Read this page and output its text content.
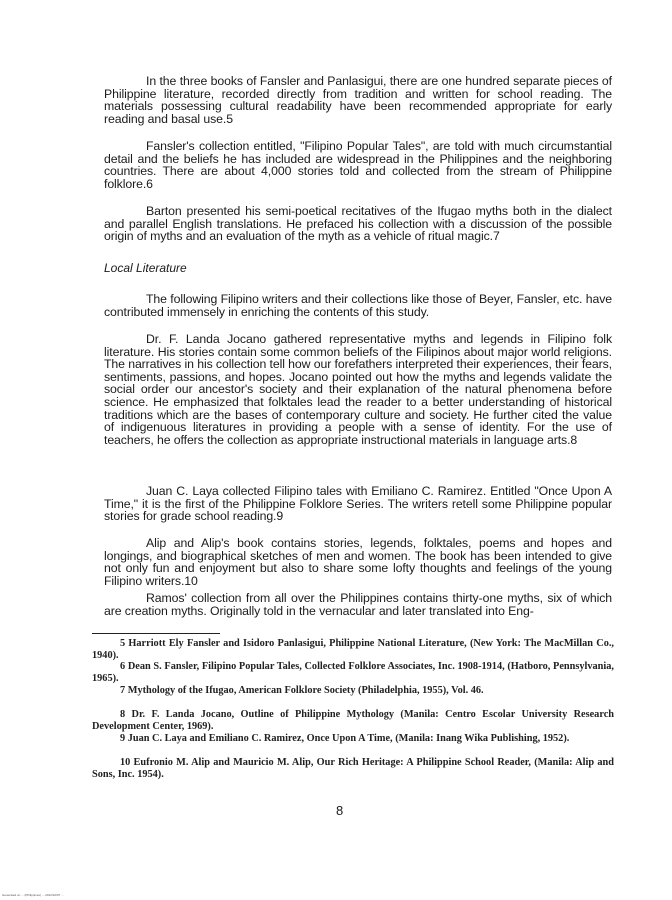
In the three books of Fansler and Panlasigui, there are one hundred separate pieces of Philippine literature, recorded directly from tradition and written for school reading. The materials possessing cultural readability have been recommended appropriate for early reading and basal use.5

Fansler's collection entitled, "Filipino Popular Tales", are told with much circumstantial detail and the beliefs he has included are widespread in the Philippines and the neighboring countries. There are about 4,000 stories told and collected from the stream of Philippine folklore.6

Barton presented his semi-poetical recitatives of the Ifugao myths both in the dialect and parallel English translations. He prefaced his collection with a discussion of the possible origin of myths and an evaluation of the myth as a vehicle of ritual magic.7

Local Literature

The following Filipino writers and their collections like those of Beyer, Fansler, etc. have contributed immensely in enriching the contents of this study.

Dr. F. Landa Jocano gathered representative myths and legends in Filipino folk literature. His stories contain some common beliefs of the Filipinos about major world religions. The narratives in his collection tell how our forefathers interpreted their experiences, their fears, sentiments, passions, and hopes. Jocano pointed out how the myths and legends validate the social order our ancestor's society and their explanation of the natural phenomena before science. He emphasized that folktales lead the reader to a better understanding of historical traditions which are the bases of contemporary culture and society. He further cited the value of indigenuous literatures in providing a people with a sense of identity. For the use of teachers, he offers the collection as appropriate instructional materials in language arts.8

Juan C. Laya collected Filipino tales with Emiliano C. Ramirez. Entitled "Once Upon A Time," it is the first of the Philippine Folklore Series. The writers retell some Philippine popular stories for grade school reading.9

Alip and Alip's book contains stories, legends, folktales, poems and hopes and longings, and biographical sketches of men and women. The book has been intended to give not only fun and enjoyment but also to share some lofty thoughts and feelings of the young Filipino writers.10

Ramos' collection from all over the Philippines contains thirty-one myths, six of which are creation myths. Originally told in the vernacular and later translated into Eng-

5 Harriott Ely Fansler and Isidoro Panlasigui, Philippine National Literature, (New York: The MacMillan Co., 1940).

6 Dean S. Fansler, Filipino Popular Tales, Collected Folklore Associates, Inc. 1908-1914, (Hatboro, Pennsylvania, 1965).

7 Mythology of the Ifugao, American Folklore Society (Philadelphia, 1955), Vol. 46.

8 Dr. F. Landa Jocano, Outline of Philippine Mythology (Manila: Centro Escolar University Research Development Center, 1969).

9 Juan C. Laya and Emiliano C. Ramirez, Once Upon A Time, (Manila: Inang Wika Publishing, 1952).

10 Eufronio M. Alip and Mauricio M. Alip, Our Rich Heritage: A Philippine School Reader, (Manila: Alip and Sons, Inc. 1954).

8

Generated on ... (Philippines) ... 2012/10/07 ...
